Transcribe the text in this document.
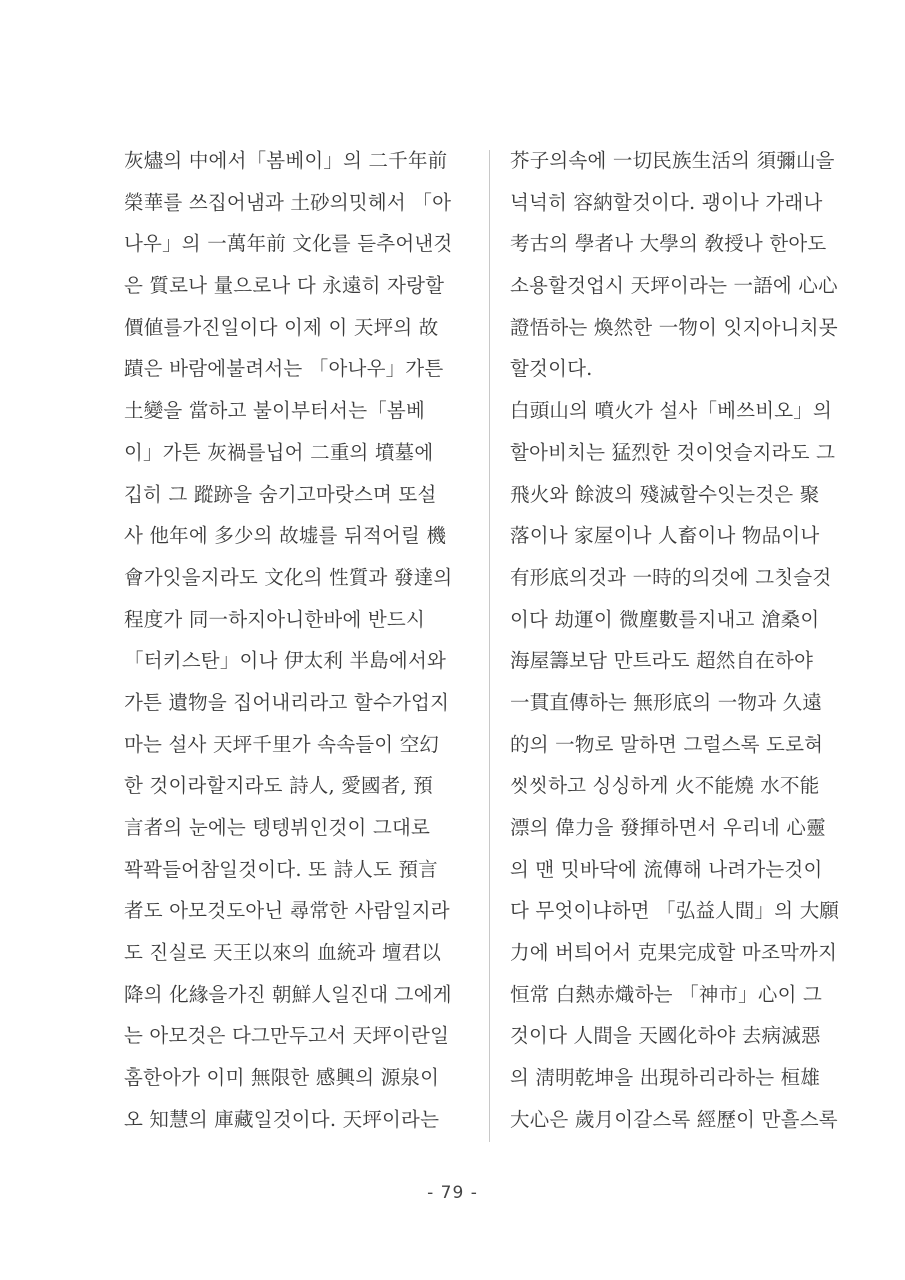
灰燼의 中에서「봄베이」의 二千年前
榮華를 쓰집어냄과 土砂의밋헤서 「아
나우」의 一萬年前 文化를 듣추어낸것
은 質로나 量으로나 다 永遠히 자랑할
價値를가진일이다 이제 이 天坪의 故
蹟은 바람에불려서는 「아나우」가튼
土變을 當하고 불이부터서는「봄베
이」가튼 灰禍를닙어 二重의 墳墓에
깁히 그 蹤跡을 숨기고마랏스며 또설
사 他年에 多少의 故墟를 뒤적어릴 機
會가잇을지라도 文化의 性質과 發達의
程度가 同一하지아니한바에 반드시
「터키스탄」이나 伊太利 半島에서와
가튼 遺物을 집어내리라고 할수가업지
마는 설사 天坪千里가 속속들이 空幻
한 것이라할지라도 詩人, 愛國者, 預
言者의 눈에는 텡텡뷔인것이 그대로
꽉꽉들어참일것이다. 또 詩人도 預言
者도 아모것도아닌 尋常한 사람일지라
도 진실로 天王以來의 血統과 壇君以
降의 化緣을가진 朝鮮人일진대 그에게
는 아모것은 다그만두고서 天坪이란일
홈한아가 이미 無限한 感興의 源泉이
오 知慧의 庫藏일것이다. 天坪이라는
芥子의속에 一切民族生活의 須彌山을
넉넉히 容納할것이다. 괭이나 가래나
考古의 學者나 大學의 敎授나 한아도
소용할것업시 天坪이라는 一語에 心心
證悟하는 煥然한 一物이 잇지아니치못
할것이다.
白頭山의 噴火가 설사「베쓰비오」의
할아비치는 猛烈한 것이엇슬지라도 그
飛火와 餘波의 殘滅할수잇는것은 聚
落이나 家屋이나 人畜이나 物品이나
有形底의것과 一時的의것에 그칫슬것
이다 劫運이 微塵數를지내고 滄桑이
海屋籌보담 만트라도 超然自在하야
一貫直傳하는 無形底의 一物과 久遠
的의 一物로 말하면 그럴스록 도로혀
씻씻하고 싱싱하게 火不能燒 水不能
漂의 偉力을 發揮하면서 우리네 心靈
의 맨 밋바닥에 流傳해 나려가는것이
다 무엇이냐하면 「弘益人間」의 大願
力에 버틔어서 克果完成할 마조막까지
恒常 白熱赤熾하는 「神市」心이 그
것이다 人間을 天國化하야 去病滅惡
의 淸明乾坤을 出現하리라하는 桓雄
大心은 歲月이갈스록 經歷이 만흘스록
- 79 -
